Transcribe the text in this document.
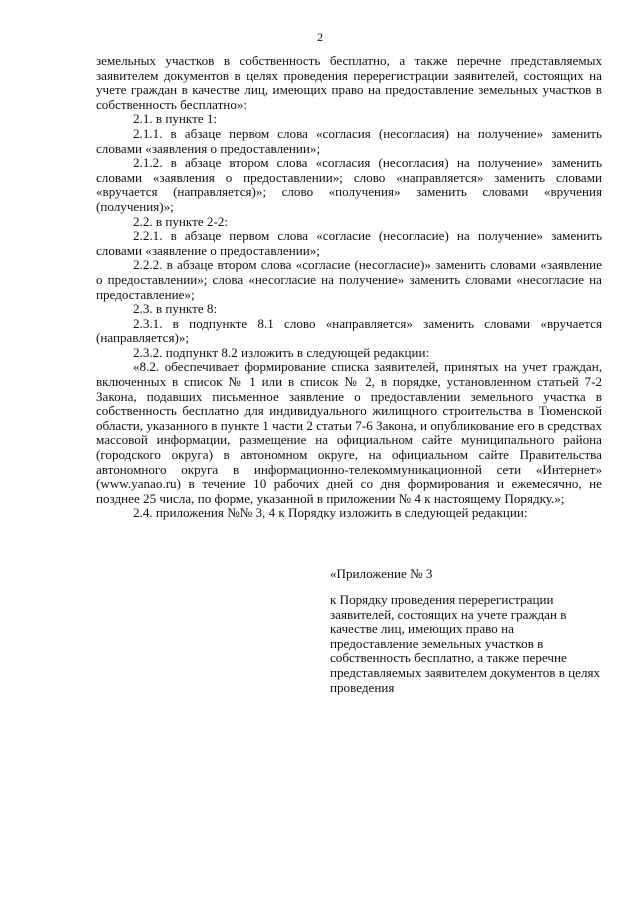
2

земельных участков в собственность бесплатно, а также перечне представляемых заявителем документов в целях проведения перерегистрации заявителей, состоящих на учете граждан в качестве лиц, имеющих право на предоставление земельных участков в собственность бесплатно»:

2.1. в пункте 1:

2.1.1. в абзаце первом слова «согласия (несогласия) на получение» заменить словами «заявления о предоставлении»;

2.1.2. в абзаце втором слова «согласия (несогласия) на получение» заменить словами «заявления о предоставлении»; слово «направляется» заменить словами «вручается (направляется)»; слово «получения» заменить словами «вручения (получения)»;

2.2. в пункте 2-2:

2.2.1. в абзаце первом слова «согласие (несогласие) на получение» заменить словами «заявление о предоставлении»;

2.2.2. в абзаце втором слова «согласие (несогласие)» заменить словами «заявление о предоставлении»; слова «несогласие на получение» заменить словами «несогласие на предоставление»;

2.3. в пункте 8:

2.3.1. в подпункте 8.1 слово «направляется» заменить словами «вручается (направляется)»;

2.3.2. подпункт 8.2 изложить в следующей редакции:

«8.2. обеспечивает формирование списка заявителей, принятых на учет граждан, включенных в список № 1 или в список № 2, в порядке, установленном статьей 7-2 Закона, подавших письменное заявление о предоставлении земельного участка в собственность бесплатно для индивидуального жилищного строительства в Тюменской области, указанного в пункте 1 части 2 статьи 7-6 Закона, и опубликование его в средствах массовой информации, размещение на официальном сайте муниципального района (городского округа) в автономном округе, на официальном сайте Правительства автономного округа в информационно-телекоммуникационной сети «Интернет» (www.yanao.ru) в течение 10 рабочих дней со дня формирования и ежемесячно, не позднее 25 числа, по форме, указанной в приложении № 4 к настоящему Порядку.»;

2.4. приложения №№ 3, 4 к Порядку изложить в следующей редакции:

«Приложение № 3
к Порядку проведения перерегистрации заявителей, состоящих на учете граждан в качестве лиц, имеющих право на предоставление земельных участков в собственность бесплатно, а также перечне представляемых заявителем документов в целях проведения
